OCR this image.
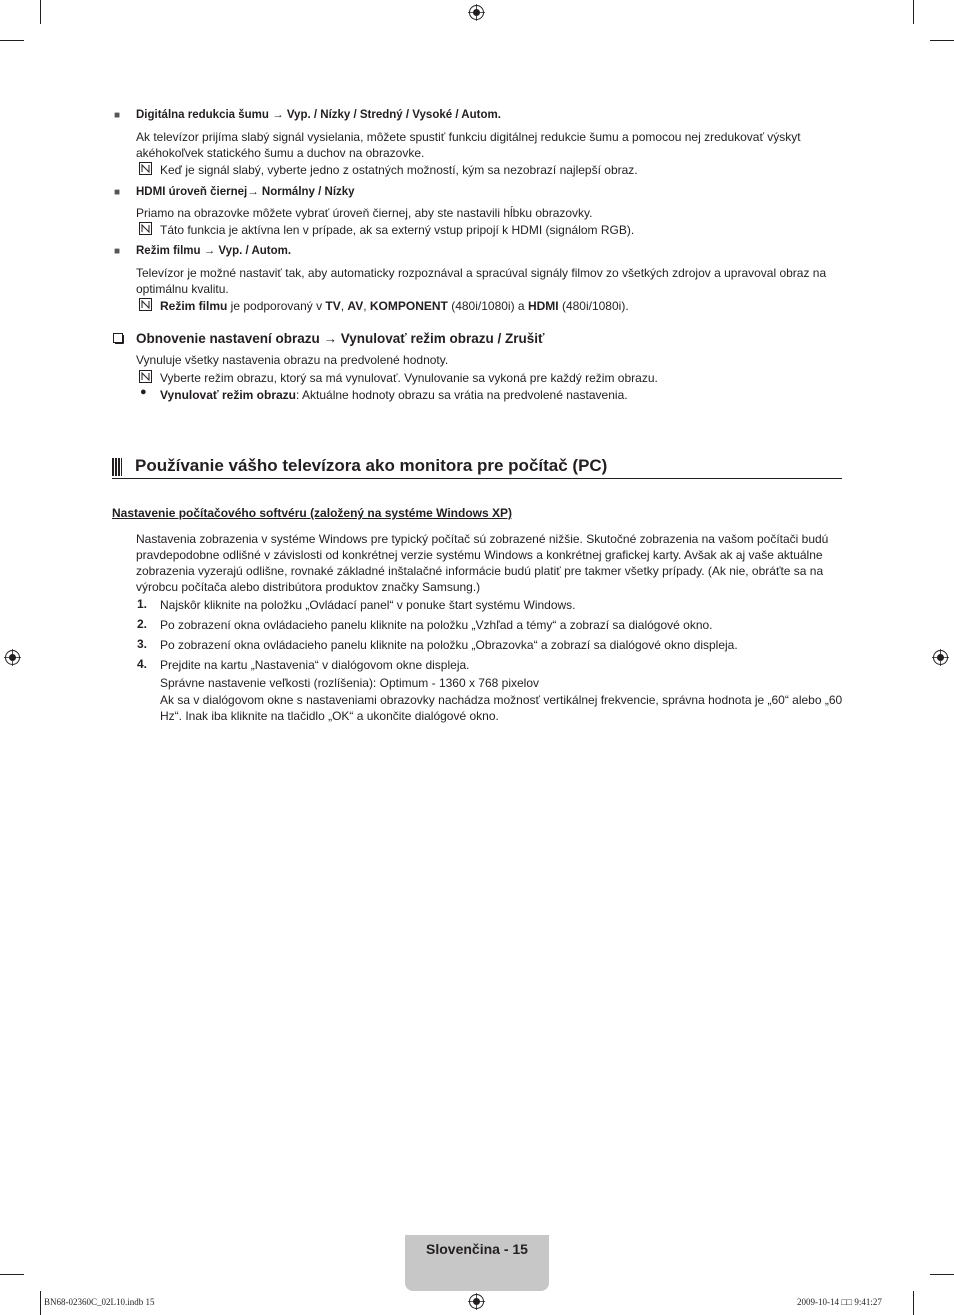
■ Digitálna redukcia šumu → Vyp. / Nízky / Stredný / Vysoké / Autom.
Ak televízor prijíma slabý signál vysielania, môžete spustiť funkciu digitálnej redukcie šumu a pomocou nej zredukovať výskyt akéhokoľvek statického šumu a duchov na obrazovke.
Keď je signál slabý, vyberte jedno z ostatných možností, kým sa nezobrazí najlepší obraz.
■ HDMI úroveň čiernej→ Normálny / Nízky
Priamo na obrazovke môžete vybrať úroveň čiernej, aby ste nastavili hĺbku obrazovky.
Táto funkcia je aktívna len v prípade, ak sa externý vstup pripojí k HDMI (signálom RGB).
■ Režim filmu → Vyp. / Autom.
Televízor je možné nastaviť tak, aby automaticky rozpoznával a spracúval signály filmov zo všetkých zdrojov a upravoval obraz na optimálnu kvalitu.
Režim filmu je podporovaný v TV, AV, KOMPONENT (480i/1080i) a HDMI (480i/1080i).
Obnovenie nastavení obrazu → Vynulovať režim obrazu / Zrušiť
Vynuluje všetky nastavenia obrazu na predvolené hodnoty.
Vyberte režim obrazu, ktorý sa má vynulovať. Vynulovanie sa vykoná pre každý režim obrazu.
● Vynulovať režim obrazu: Aktuálne hodnoty obrazu sa vrátia na predvolené nastavenia.
Používanie vášho televízora ako monitora pre počítač (PC)
Nastavenie počítačového softvéru (založený na systéme Windows XP)
Nastavenia zobrazenia v systéme Windows pre typický počítač sú zobrazené nižšie. Skutočné zobrazenia na vašom počítači budú pravdepodobne odlišné v závislosti od konkrétnej verzie systému Windows a konkrétnej grafickej karty. Avšak ak aj vaše aktuálne zobrazenia vyzerajú odlišne, rovnaké základné inštalačné informácie budú platiť pre takmer všetky prípady. (Ak nie, obráťte sa na výrobcu počítača alebo distribútora produktov značky Samsung.)
1. Najskôr kliknite na položku „Ovládací panel“ v ponuke štart systému Windows.
2. Po zobrazení okna ovládacieho panelu kliknite na položku „Vzhľad a témy“ a zobrazí sa dialógové okno.
3. Po zobrazení okna ovládacieho panelu kliknite na položku „Obrazovka“ a zobrazí sa dialógové okno displeja.
4. Prejdite na kartu „Nastavenia“ v dialógovom okne displeja.
Správne nastavenie veľkosti (rozlíšenia): Optimum - 1360 x 768 pixelov
Ak sa v dialógovom okne s nastaveniami obrazovky nachádza možnosť vertikálnej frekvencie, správna hodnota je „60“ alebo „60 Hz“. Inak iba kliknite na tlačidlo „OK“ a ukončite dialógové okno.
Slovenčina - 15
BN68-02360C_02L10.indb 15	2009-10-14 □□ 9:41:27
